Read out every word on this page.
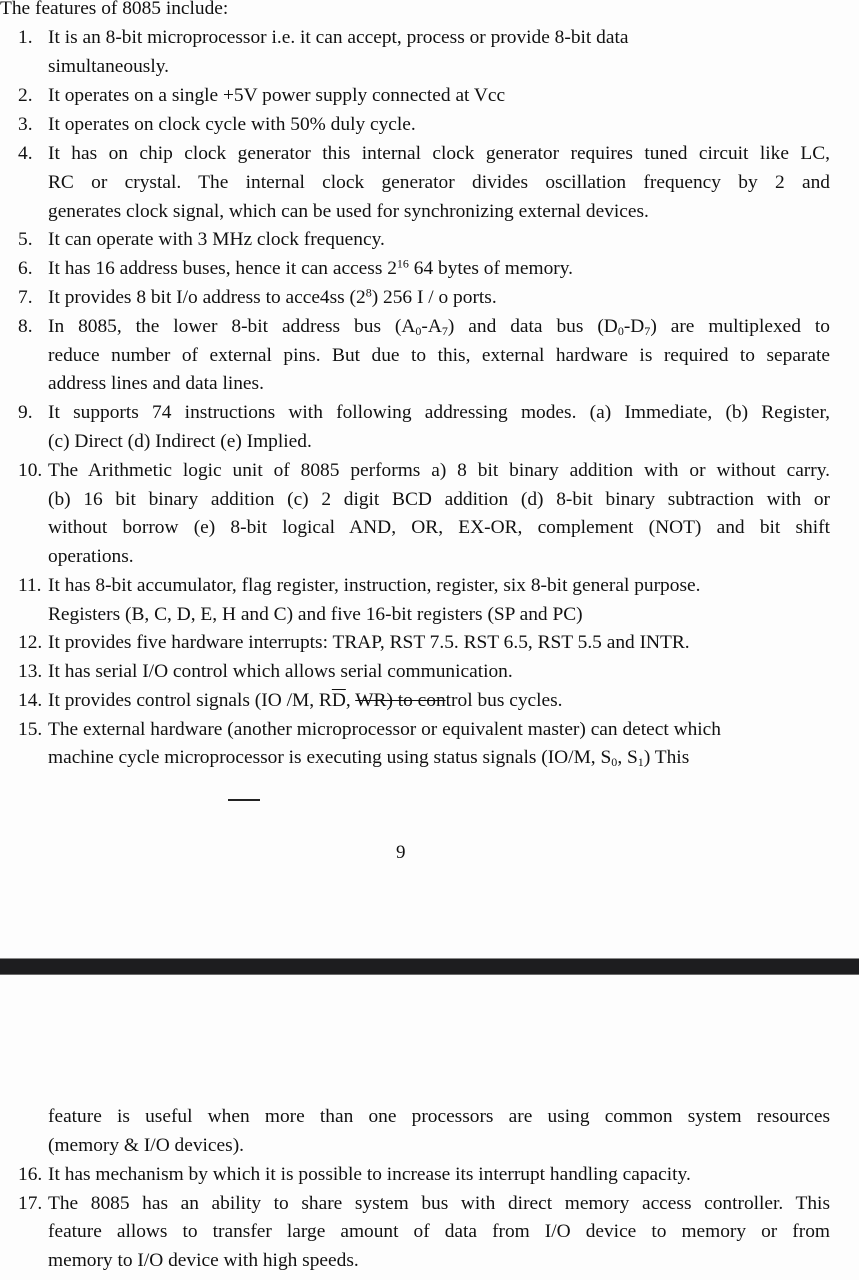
The features of 8085 include:
1. It is an 8-bit microprocessor i.e. it can accept, process or provide 8-bit data
simultaneously.
2. It operates on a single +5V power supply connected at Vcc
3. It operates on clock cycle with 50% duly cycle.
4. It has on chip clock generator this internal clock generator requires tuned circuit like LC,
RC or crystal. The internal clock generator divides oscillation frequency by 2 and
generates clock signal, which can be used for synchronizing external devices.
5. It can operate with 3 MHz clock frequency.
6. It has 16 address buses, hence it can access $2^{16}$ 64 bytes of memory.
7. It provides 8 bit I/o address to acce4ss $(2^8)$ 256 I / o ports.
8. In 8085, the lower 8-bit address bus $(A_0-A_7)$ and data bus $(D_0-D_7)$ are multiplexed to
reduce number of external pins. But due to this, external hardware is required to separate
address lines and data lines.
9. It supports 74 instructions with following addressing modes. (a) Immediate, (b) Register,
(c) Direct (d) Indirect (e) Implied.
10. The Arithmetic logic unit of 8085 performs a) 8 bit binary addition with or without carry.
(b) 16 bit binary addition (c) 2 digit BCD addition (d) 8-bit binary subtraction with or
without borrow (e) 8-bit logical AND, OR, EX-OR, complement (NOT) and bit shift
operations.
11. It has 8-bit accumulator, flag register, instruction, register, six 8-bit general purpose.
Registers (B, C, D, E, H and C) and five 16-bit registers (SP and PC)
12. It provides five hardware interrupts: TRAP, RST 7.5. RST 6.5, RST 5.5 and INTR.
13. It has serial I/O control which allows serial communication.
14. It provides control signals (IO /M, $R\overline{D}$, WR) to control bus cycles.
15. The external hardware (another microprocessor or equivalent master) can detect which
machine cycle microprocessor is executing using status signals (IO/M, $S_0$, $S_1$) This
9
feature is useful when more than one processors are using common system resources
(memory & I/O devices).
16. It has mechanism by which it is possible to increase its interrupt handling capacity.
17. The 8085 has an ability to share system bus with direct memory access controller. This
feature allows to transfer large amount of data from I/O device to memory or from
memory to I/O device with high speeds.
